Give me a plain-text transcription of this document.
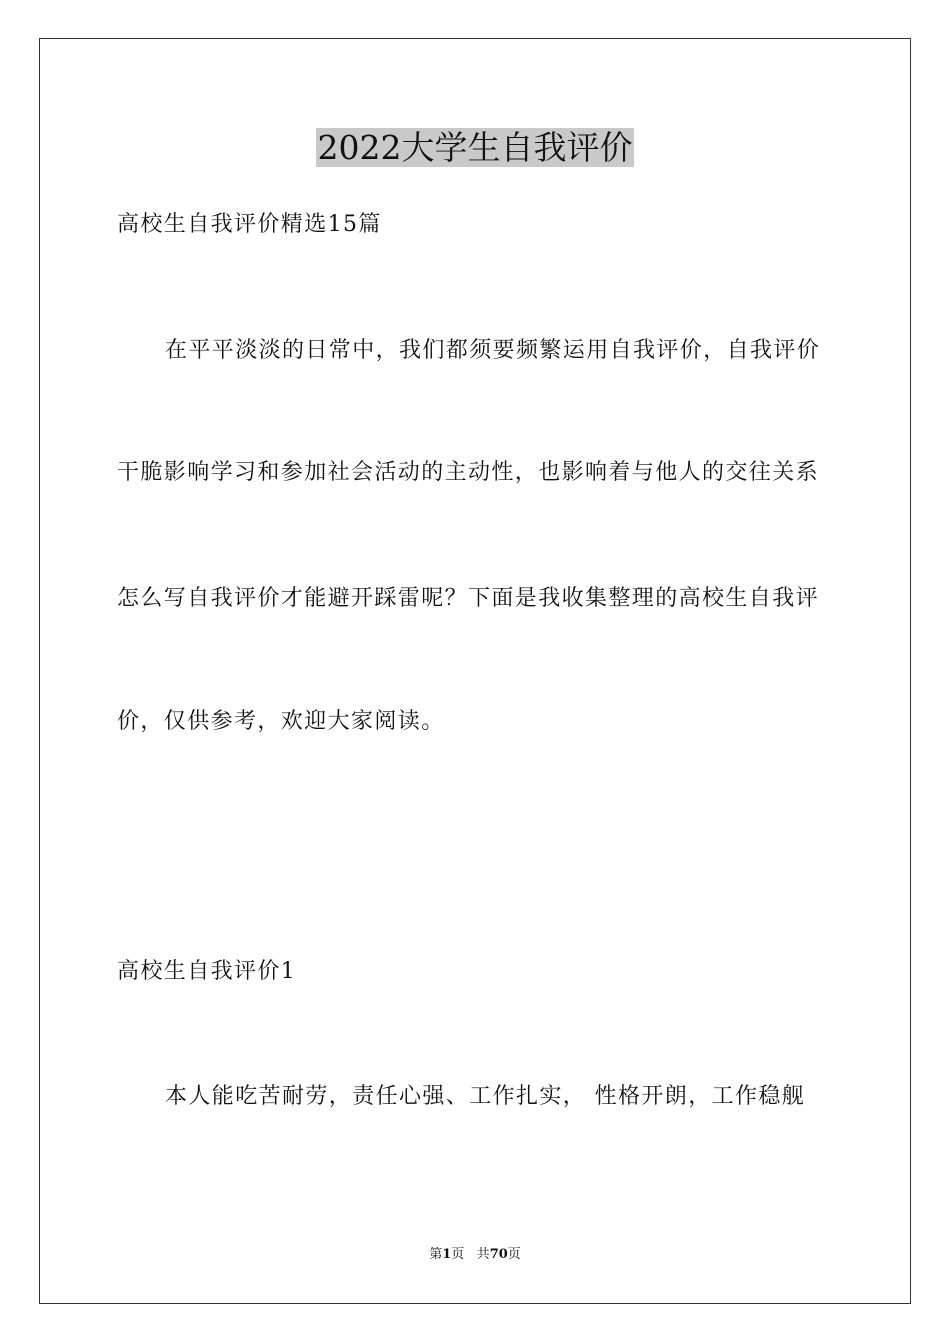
2022大学生自我评价
高校生自我评价精选15篇
在平平淡淡的日常中，我们都须要频繁运用自我评价，自我评价
干脆影响学习和参加社会活动的主动性，也影响着与他人的交往关系
怎么写自我评价才能避开踩雷呢？下面是我收集整理的高校生自我评
价，仅供参考，欢迎大家阅读。
高校生自我评价1
本人能吃苦耐劳，责任心强、工作扎实， 性格开朗，工作稳舰
第1页 共70页
